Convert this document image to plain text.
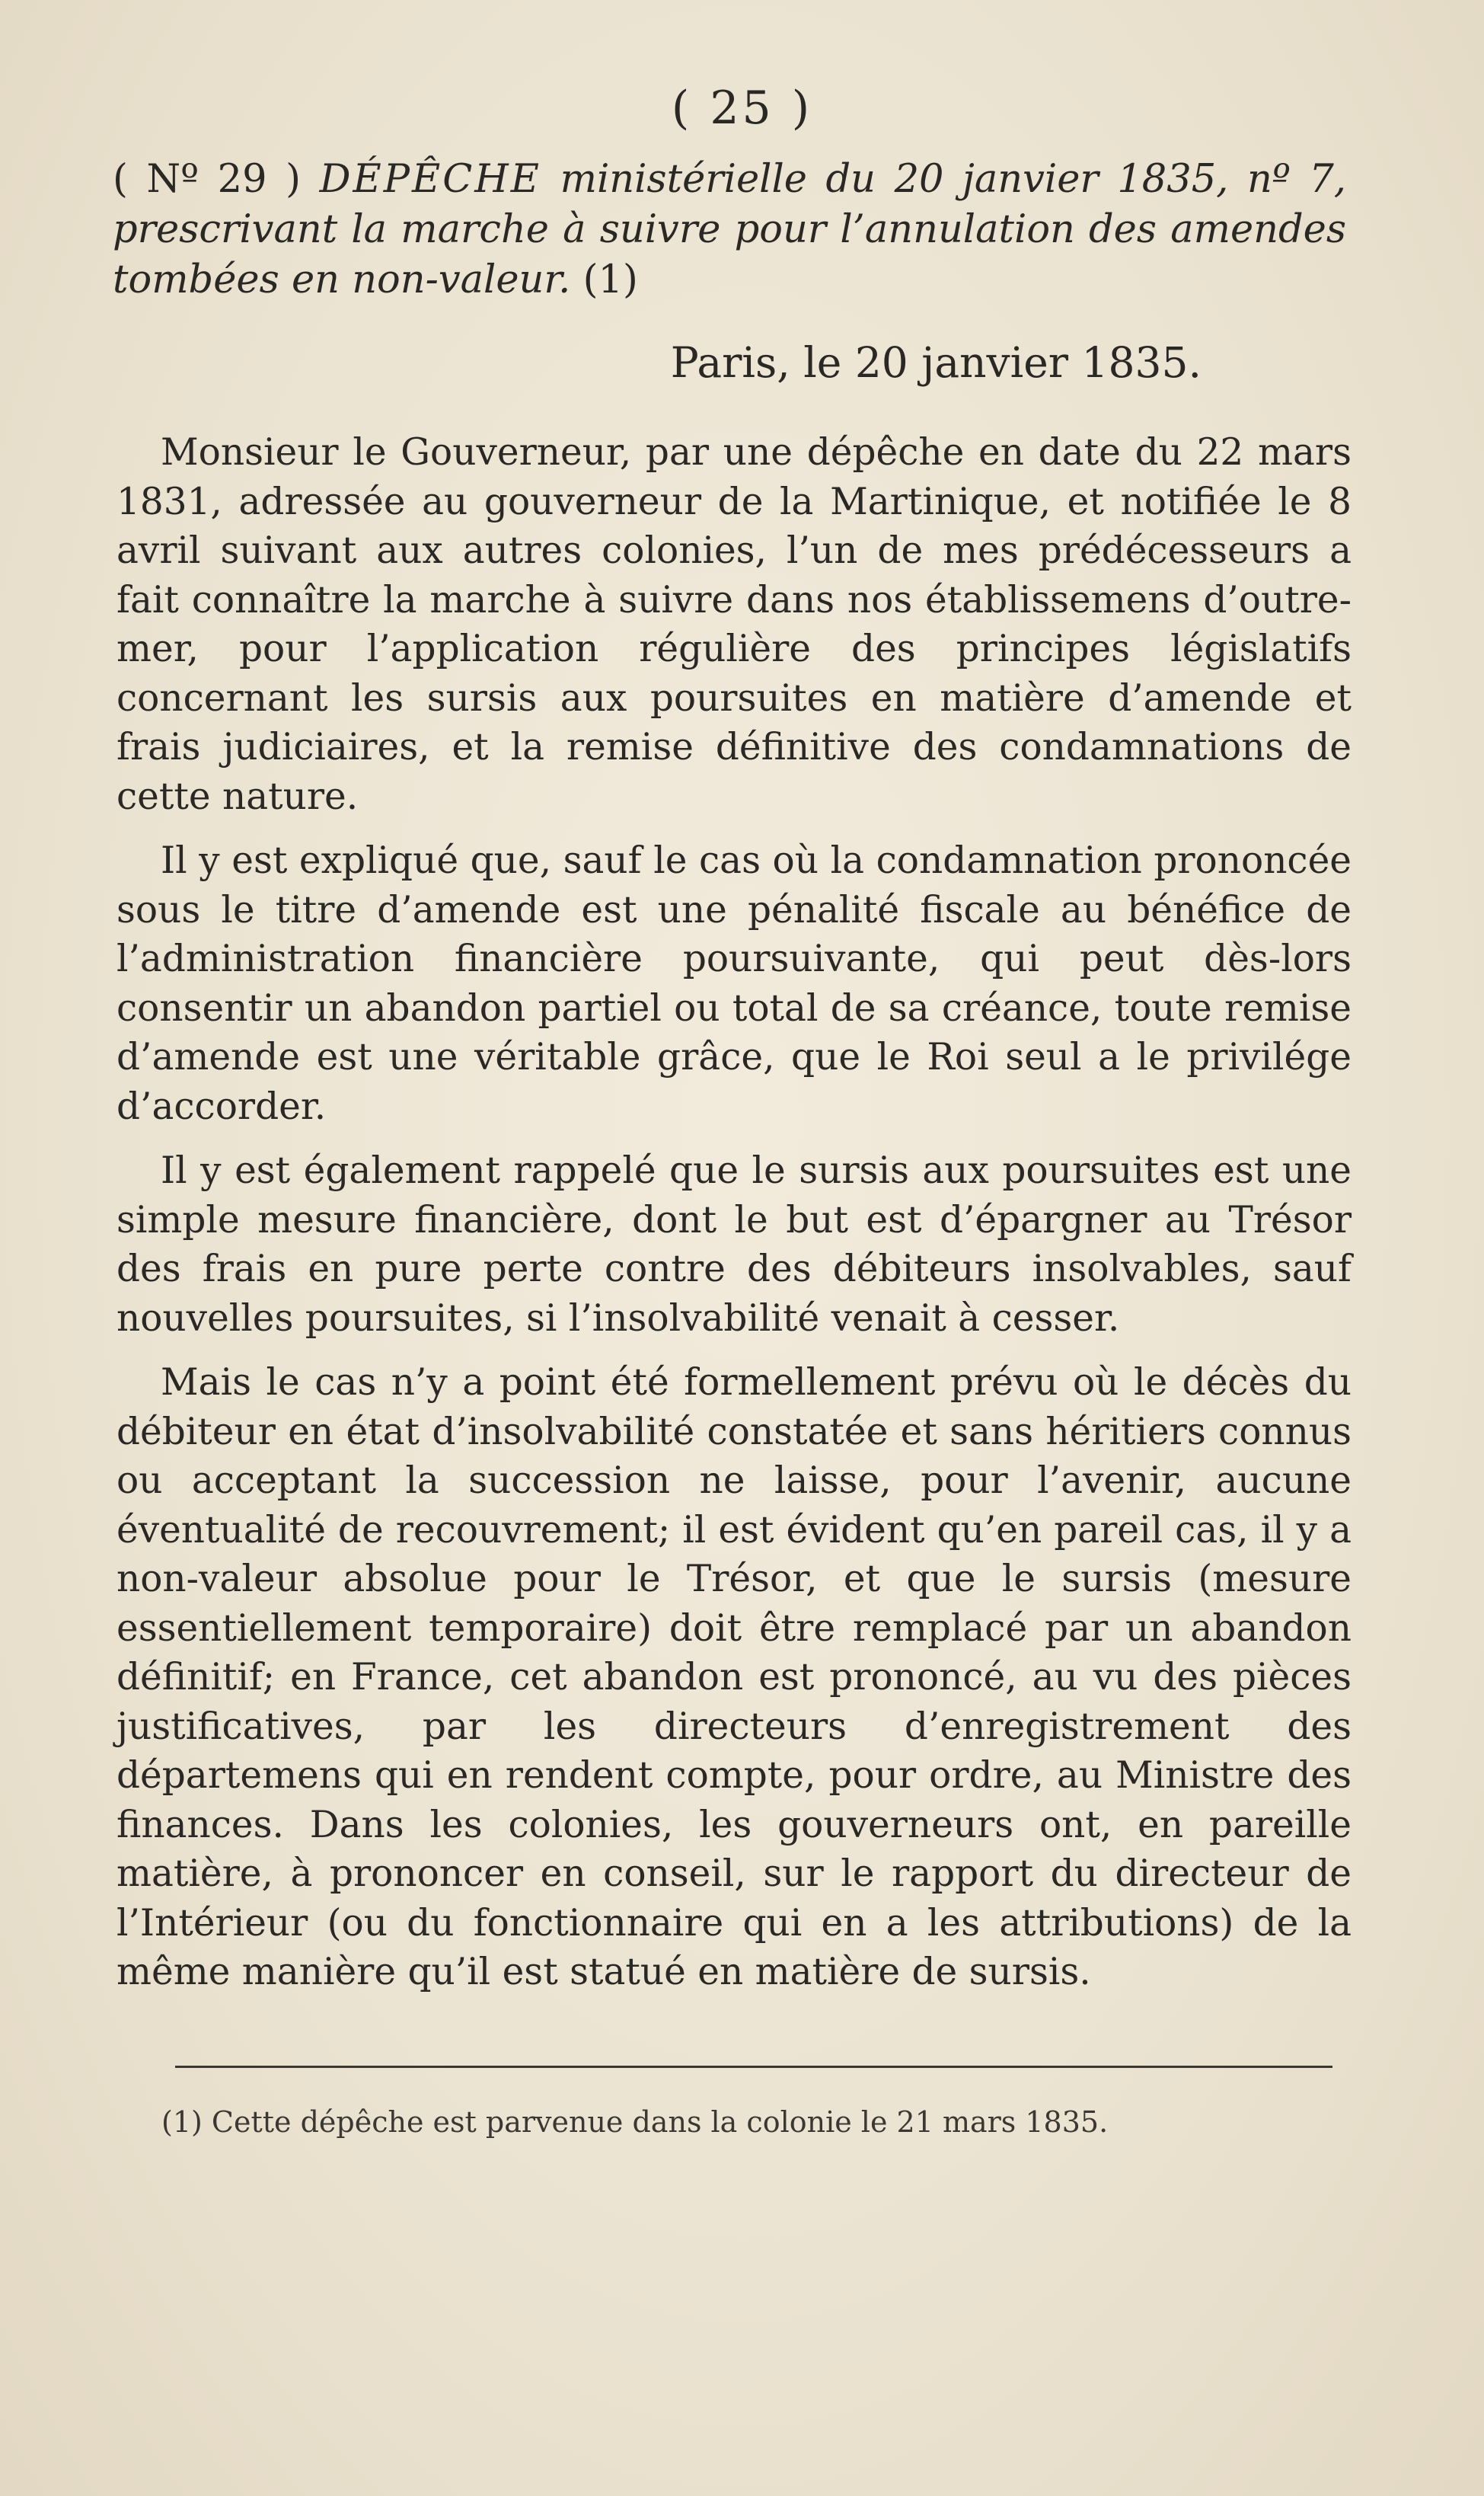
( 25 )
( Nº 29 ) DÉPÊCHE ministérielle du 20 janvier 1835, nº 7, prescrivant la marche à suivre pour l’annulation des amendes tombées en non-valeur. (1)
Paris, le 20 janvier 1835.

Monsieur le Gouverneur, par une dépêche en date du 22 mars 1831, adressée au gouverneur de la Martinique, et notifiée le 8 avril suivant aux autres colonies, l’un de mes prédécesseurs a fait connaître la marche à suivre dans nos établissemens d’outre-mer, pour l’application régulière des principes législatifs concernant les sursis aux poursuites en matière d’amende et frais judiciaires, et la remise définitive des condamnations de cette nature.

Il y est expliqué que, sauf le cas où la condamnation prononcée sous le titre d’amende est une pénalité fiscale au bénéfice de l’administration financière poursuivante, qui peut dès-lors consentir un abandon partiel ou total de sa créance, toute remise d’amende est une véritable grâce, que le Roi seul a le privilége d’accorder.

Il y est également rappelé que le sursis aux poursuites est une simple mesure financière, dont le but est d’épargner au Trésor des frais en pure perte contre des débiteurs insolvables, sauf nouvelles poursuites, si l’insolvabilité venait à cesser.

Mais le cas n’y a point été formellement prévu où le décès du débiteur en état d’insolvabilité constatée et sans héritiers connus ou acceptant la succession ne laisse, pour l’avenir, aucune éventualité de recouvrement; il est évident qu’en pareil cas, il y a non-valeur absolue pour le Trésor, et que le sursis (mesure essentiellement temporaire) doit être remplacé par un abandon définitif; en France, cet abandon est prononcé, au vu des pièces justificatives, par les directeurs d’enregistrement des départemens qui en rendent compte, pour ordre, au Ministre des finances. Dans les colonies, les gouverneurs ont, en pareille matière, à prononcer en conseil, sur le rapport du directeur de l’Intérieur (ou du fonctionnaire qui en a les attributions) de la même manière qu’il est statué en matière de sursis.

(1) Cette dépêche est parvenue dans la colonie le 21 mars 1835.
